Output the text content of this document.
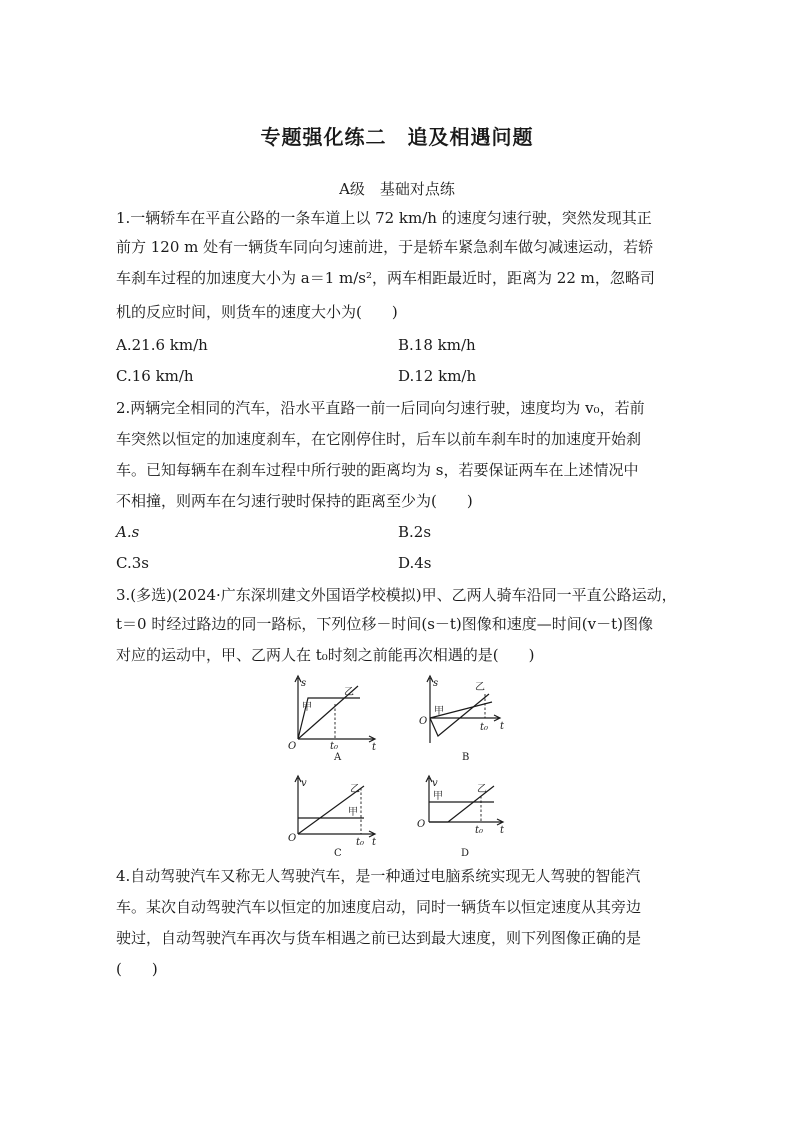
专题强化练二　追及相遇问题
A级　基础对点练
1.一辆轿车在平直公路的一条车道上以 72 km/h 的速度匀速行驶，突然发现其正
前方 120 m 处有一辆货车同向匀速前进，于是轿车紧急刹车做匀减速运动，若轿
车刹车过程的加速度大小为 a＝1 m/s²，两车相距最近时，距离为 22 m，忽略司
机的反应时间，则货车的速度大小为(　　)
A.21.6 km/h	B.18 km/h
C.16 km/h	D.12 km/h
2.两辆完全相同的汽车，沿水平直路一前一后同向匀速行驶，速度均为 v₀，若前
车突然以恒定的加速度刹车，在它刚停住时，后车以前车刹车时的加速度开始刹
车。已知每辆车在刹车过程中所行驶的距离均为 s，若要保证两车在上述情况中
不相撞，则两车在匀速行驶时保持的距离至少为(　　)
A.s	B.2s
C.3s	D.4s
3.(多选)(2024·广东深圳建文外国语学校模拟)甲、乙两人骑车沿同一平直公路运动，
t＝0 时经过路边的同一路标，下列位移－时间(s－t)图像和速度—时间(v－t)图像
对应的运动中，甲、乙两人在 t₀时刻之前能再次相遇的是(　　)
s
t
O	t₀
甲
乙
A
s
t
O
t₀
甲
乙
B
v
t
O	t₀
甲
乙
C
v
t
O
t₀
甲
乙
D
4.自动驾驶汽车又称无人驾驶汽车，是一种通过电脑系统实现无人驾驶的智能汽
车。某次自动驾驶汽车以恒定的加速度启动，同时一辆货车以恒定速度从其旁边
驶过，自动驾驶汽车再次与货车相遇之前已达到最大速度，则下列图像正确的是
(　　)
